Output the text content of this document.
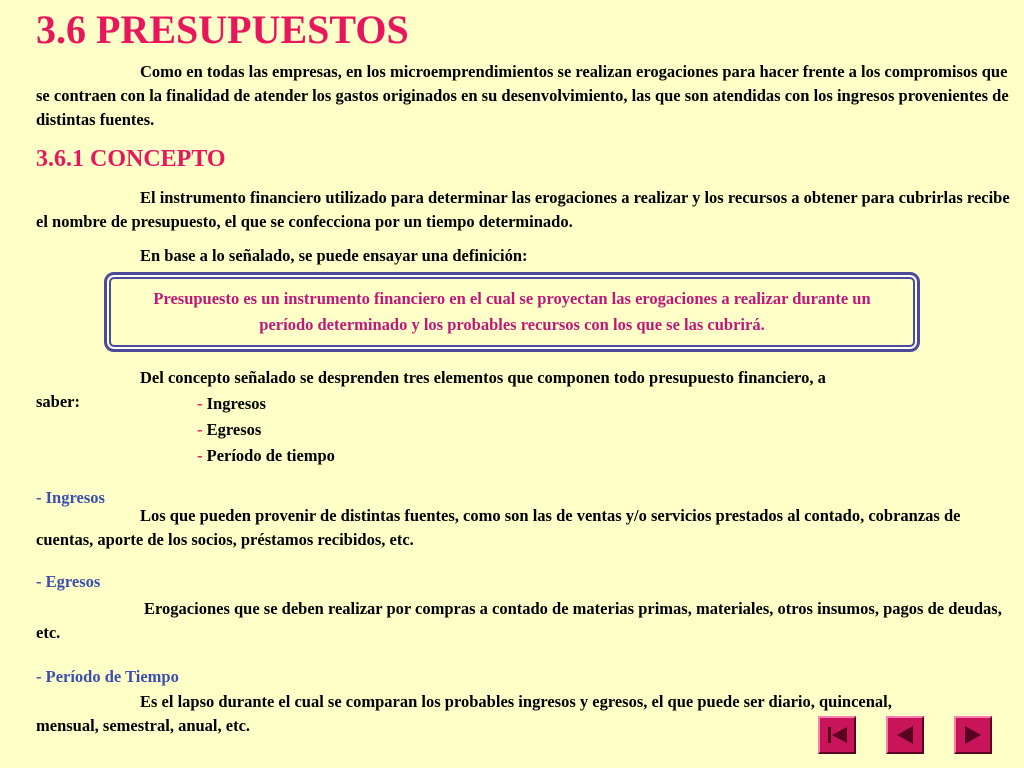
3.6 PRESUPUESTOS
Como en todas las empresas, en los microemprendimientos se realizan erogaciones para hacer frente a los compromisos que se contraen con la finalidad de atender los gastos originados en su desenvolvimiento, las que son atendidas con los ingresos provenientes de distintas fuentes.
3.6.1 CONCEPTO
El instrumento financiero utilizado para determinar las erogaciones a realizar y los recursos a obtener para cubrirlas recibe el nombre de presupuesto, el que se confecciona por un tiempo determinado.
En base a lo señalado, se puede ensayar una definición:
Presupuesto es un instrumento financiero en el cual se proyectan las erogaciones a realizar durante un período determinado y los probables recursos con los que se las cubrirá.
Del concepto señalado se desprenden tres elementos que componen todo presupuesto financiero, a
saber:	- Ingresos
- Egresos
- Período de tiempo
- Ingresos
Los que pueden provenir de distintas fuentes, como son las de ventas y/o servicios prestados al contado, cobranzas de cuentas, aporte de los socios, préstamos recibidos, etc.
- Egresos
Erogaciones que se deben realizar por compras a contado de materias primas, materiales, otros insumos, pagos de deudas, etc.
- Período de Tiempo
Es el lapso durante el cual se comparan los probables ingresos y egresos, el que puede ser diario, quincenal, mensual, semestral, anual, etc.
